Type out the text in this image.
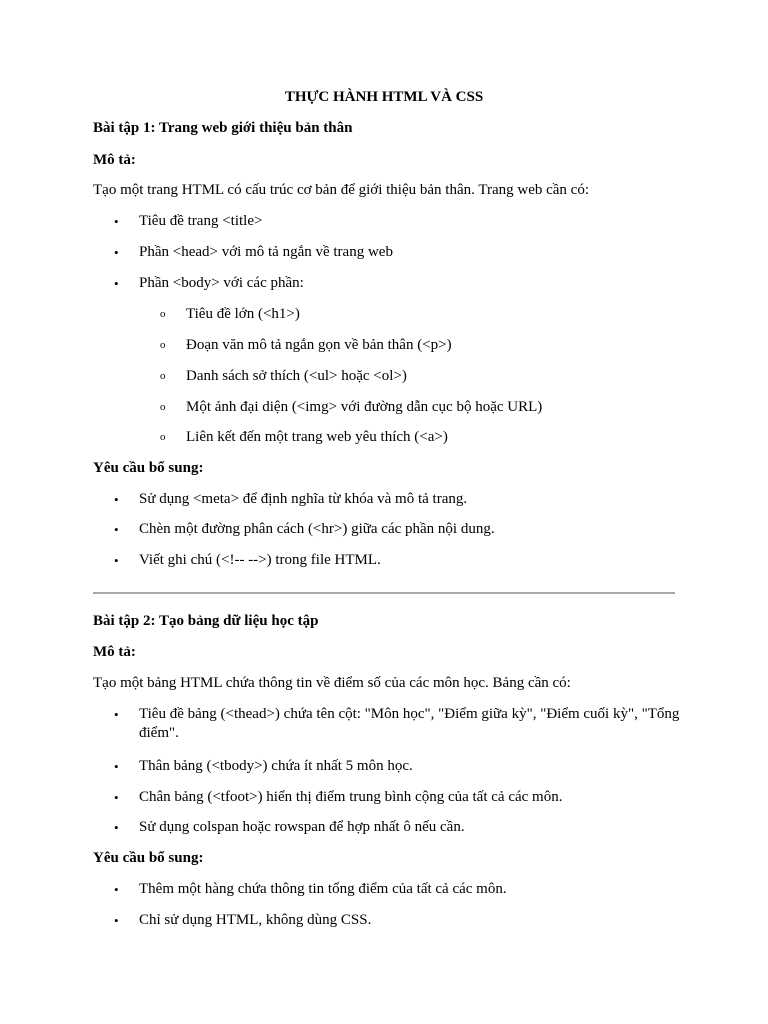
THỰC HÀNH HTML VÀ CSS
Bài tập 1: Trang web giới thiệu bản thân
Mô tả:
Tạo một trang HTML có cấu trúc cơ bản để giới thiệu bản thân. Trang web cần có:
•	Tiêu đề trang <title>
•	Phần <head> với mô tả ngắn về trang web
•	Phần <body> với các phần:
o Tiêu đề lớn (<h1>)
o Đoạn văn mô tả ngắn gọn về bản thân (<p>)
o Danh sách sở thích (<ul> hoặc <ol>)
o Một ảnh đại diện (<img> với đường dẫn cục bộ hoặc URL)
o Liên kết đến một trang web yêu thích (<a>)
Yêu cầu bổ sung:
•	Sử dụng <meta> để định nghĩa từ khóa và mô tả trang.
•	Chèn một đường phân cách (<hr>) giữa các phần nội dung.
•	Viết ghi chú (<!-- -->) trong file HTML.
Bài tập 2: Tạo bảng dữ liệu học tập
Mô tả:
Tạo một bảng HTML chứa thông tin về điểm số của các môn học. Bảng cần có:
•	Tiêu đề bảng (<thead>) chứa tên cột: "Môn học", "Điểm giữa kỳ", "Điểm cuối kỳ", "Tổng điểm".
•	Thân bảng (<tbody>) chứa ít nhất 5 môn học.
•	Chân bảng (<tfoot>) hiển thị điểm trung bình cộng của tất cả các môn.
•	Sử dụng colspan hoặc rowspan để hợp nhất ô nếu cần.
Yêu cầu bổ sung:
•	Thêm một hàng chứa thông tin tổng điểm của tất cả các môn.
•	Chỉ sử dụng HTML, không dùng CSS.
